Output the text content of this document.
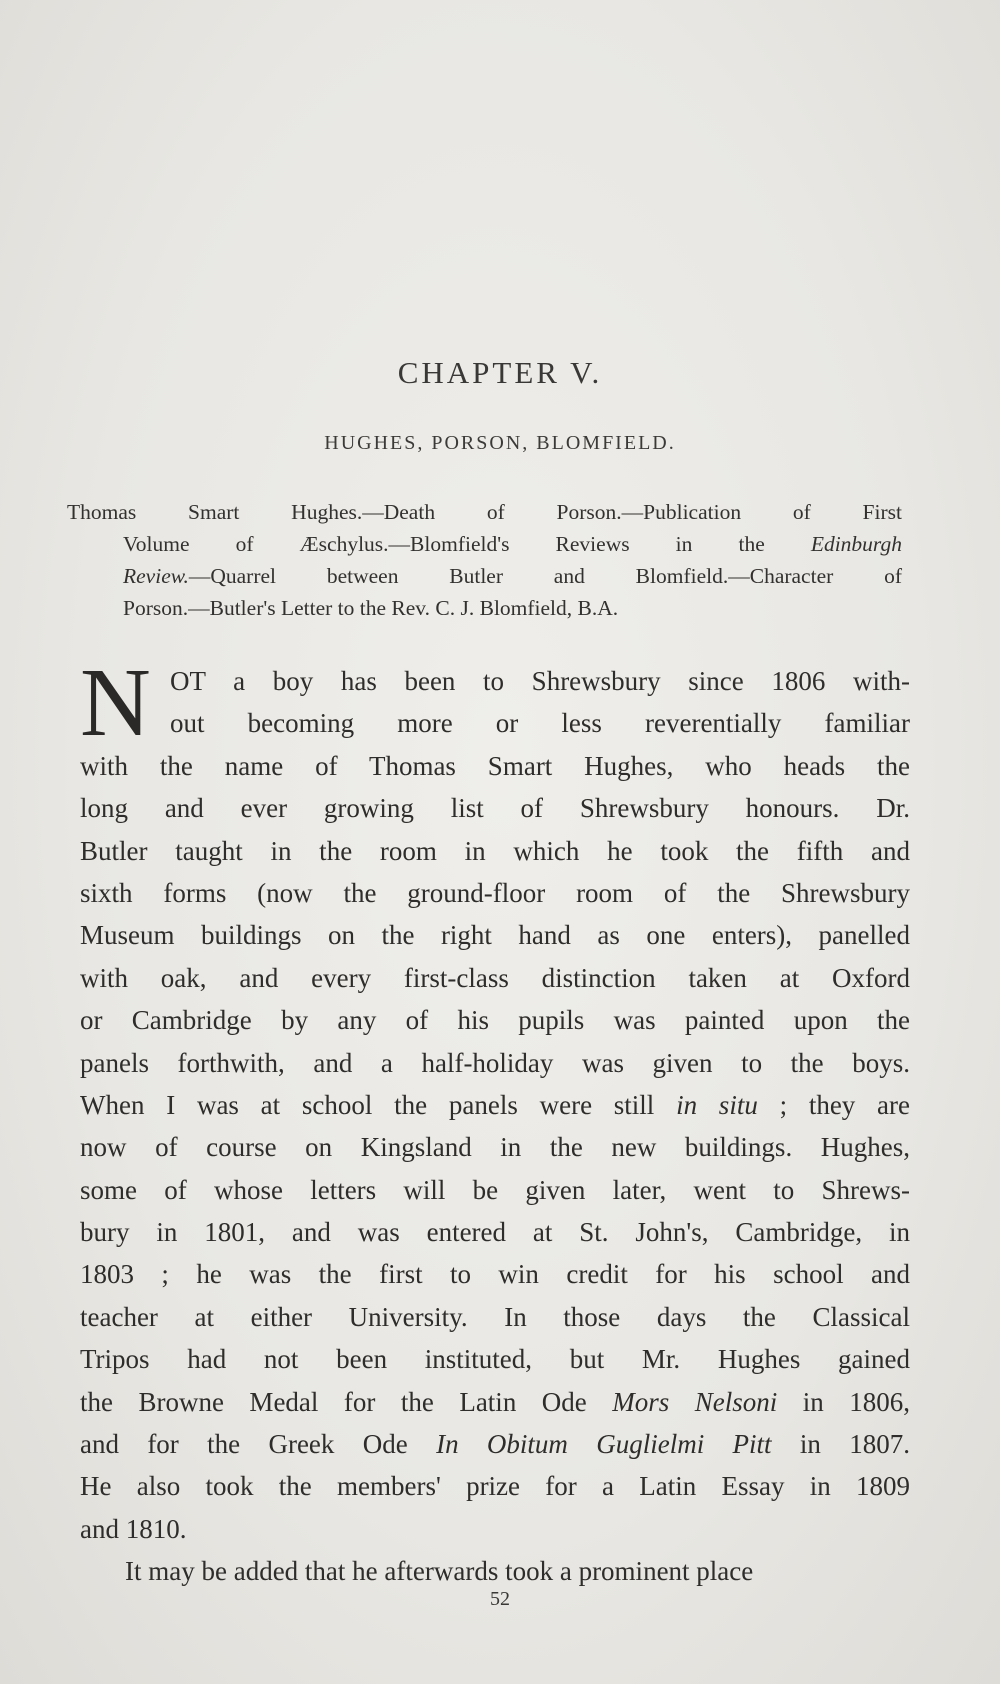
CHAPTER V.
HUGHES, PORSON, BLOMFIELD.
Thomas Smart Hughes.—Death of Porson.—Publication of First
Volume of Æschylus.—Blomfield's Reviews in the Edinburgh
Review.—Quarrel between Butler and Blomfield.—Character of
Porson.—Butler's Letter to the Rev. C. J. Blomfield, B.A.
N OT a boy has been to Shrewsbury since 1806 with-
out becoming more or less reverentially familiar
with the name of Thomas Smart Hughes, who heads the
long and ever growing list of Shrewsbury honours. Dr.
Butler taught in the room in which he took the fifth and
sixth forms (now the ground-floor room of the Shrewsbury
Museum buildings on the right hand as one enters), panelled
with oak, and every first-class distinction taken at Oxford
or Cambridge by any of his pupils was painted upon the
panels forthwith, and a half-holiday was given to the boys.
When I was at school the panels were still in situ ; they are
now of course on Kingsland in the new buildings. Hughes,
some of whose letters will be given later, went to Shrews-
bury in 1801, and was entered at St. John's, Cambridge, in
1803 ; he was the first to win credit for his school and
teacher at either University. In those days the Classical
Tripos had not been instituted, but Mr. Hughes gained
the Browne Medal for the Latin Ode Mors Nelsoni in 1806,
and for the Greek Ode In Obitum Guglielmi Pitt in 1807.
He also took the members' prize for a Latin Essay in 1809
and 1810.
It may be added that he afterwards took a prominent place
52
